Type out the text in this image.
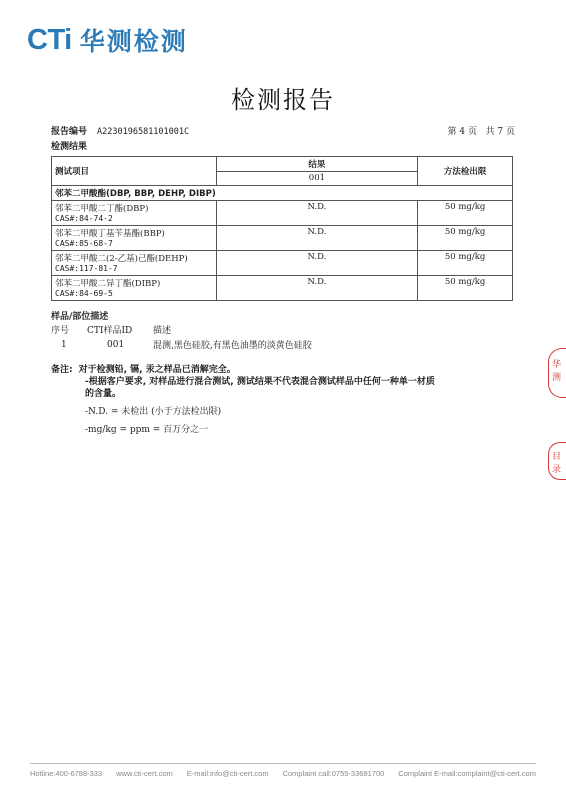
CTi 华测检测
检测报告
报告编号 A2230196581101001C	第 4 页   共 7 页
检测结果
测试项目	结果	方法检出限
	001	
邻苯二甲酸酯(DBP, BBP, DEHP, DIBP)		

邻苯二甲酸二丁酯(DBP)
CAS#:84-74-2	N.D.	50 mg/kg

邻苯二甲酸丁基苄基酯(BBP)
CAS#:85-68-7	N.D.	50 mg/kg

邻苯二甲酸二(2-乙基)己酯(DEHP)
CAS#:117-81-7	N.D.	50 mg/kg

邻苯二甲酸二异丁酯(DIBP)
CAS#:84-69-5	N.D.	50 mg/kg
样品/部位描述
序号	CTI样品ID	描述
1	001	混测,黑色硅胶,有黑色油墨的淡黄色硅胶
备注: 对于检测铅, 镉, 汞之样品已消解完全。
-根据客户要求, 对样品进行混合测试, 测试结果不代表混合测试样品中任何一种单一材质
的含量。
-N.D. = 未检出 (小于方法检出限)
-mg/kg = ppm = 百万分之一
华测
目录
Hotline:400-6788-333 www.cti-cert.com E-mail:info@cti-cert.com Complaint call:0755-33681700 Complaint E-mail:complaint@cti-cert.com
